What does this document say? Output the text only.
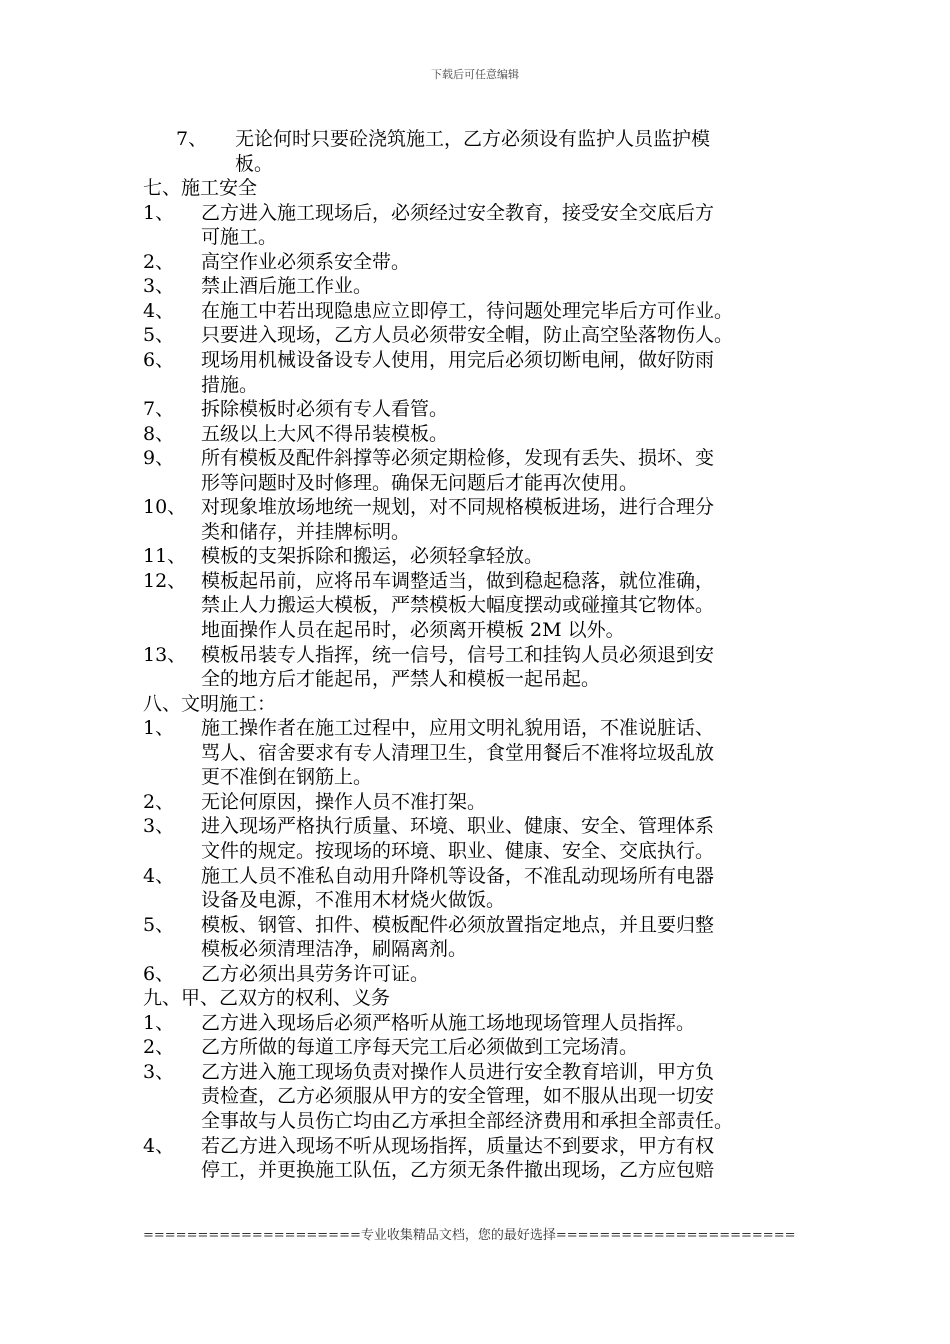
下载后可任意编辑
7、 无论何时只要砼浇筑施工，乙方必须设有监护人员监护模
板。
七、施工安全
1、 乙方进入施工现场后，必须经过安全教育，接受安全交底后方
可施工。
2、 高空作业必须系安全带。
3、 禁止酒后施工作业。
4、 在施工中若出现隐患应立即停工，待问题处理完毕后方可作业。
5、 只要进入现场，乙方人员必须带安全帽，防止高空坠落物伤人。
6、 现场用机械设备设专人使用，用完后必须切断电闸，做好防雨
措施。
7、 拆除模板时必须有专人看管。
8、 五级以上大风不得吊装模板。
9、 所有模板及配件斜撑等必须定期检修，发现有丢失、损坏、变
形等问题时及时修理。确保无问题后才能再次使用。
10、 对现象堆放场地统一规划，对不同规格模板进场，进行合理分
类和储存，并挂牌标明。
11、 模板的支架拆除和搬运，必须轻拿轻放。
12、 模板起吊前，应将吊车调整适当，做到稳起稳落，就位准确，
禁止人力搬运大模板，严禁模板大幅度摆动或碰撞其它物体。
地面操作人员在起吊时，必须离开模板 2M 以外。
13、 模板吊装专人指挥，统一信号，信号工和挂钩人员必须退到安
全的地方后才能起吊，严禁人和模板一起吊起。
八、文明施工：
1、 施工操作者在施工过程中，应用文明礼貌用语，不准说脏话、
骂人、宿舍要求有专人清理卫生，食堂用餐后不准将垃圾乱放
更不准倒在钢筋上。
2、 无论何原因，操作人员不准打架。
3、 进入现场严格执行质量、环境、职业、健康、安全、管理体系
文件的规定。按现场的环境、职业、健康、安全、交底执行。
4、 施工人员不准私自动用升降机等设备，不准乱动现场所有电器
设备及电源，不准用木材烧火做饭。
5、 模板、钢管、扣件、模板配件必须放置指定地点，并且要归整
模板必须清理洁净，刷隔离剂。
6、 乙方必须出具劳务许可证。
九、甲、乙双方的权利、义务
1、 乙方进入现场后必须严格听从施工场地现场管理人员指挥。
2、 乙方所做的每道工序每天完工后必须做到工完场清。
3、 乙方进入施工现场负责对操作人员进行安全教育培训，甲方负
责检查，乙方必须服从甲方的安全管理，如不服从出现一切安
全事故与人员伤亡均由乙方承担全部经济费用和承担全部责任。
4、 若乙方进入现场不听从现场指挥，质量达不到要求，甲方有权
停工，并更换施工队伍，乙方须无条件撤出现场，乙方应包赔
====================专业收集精品文档，您的最好选择======================
